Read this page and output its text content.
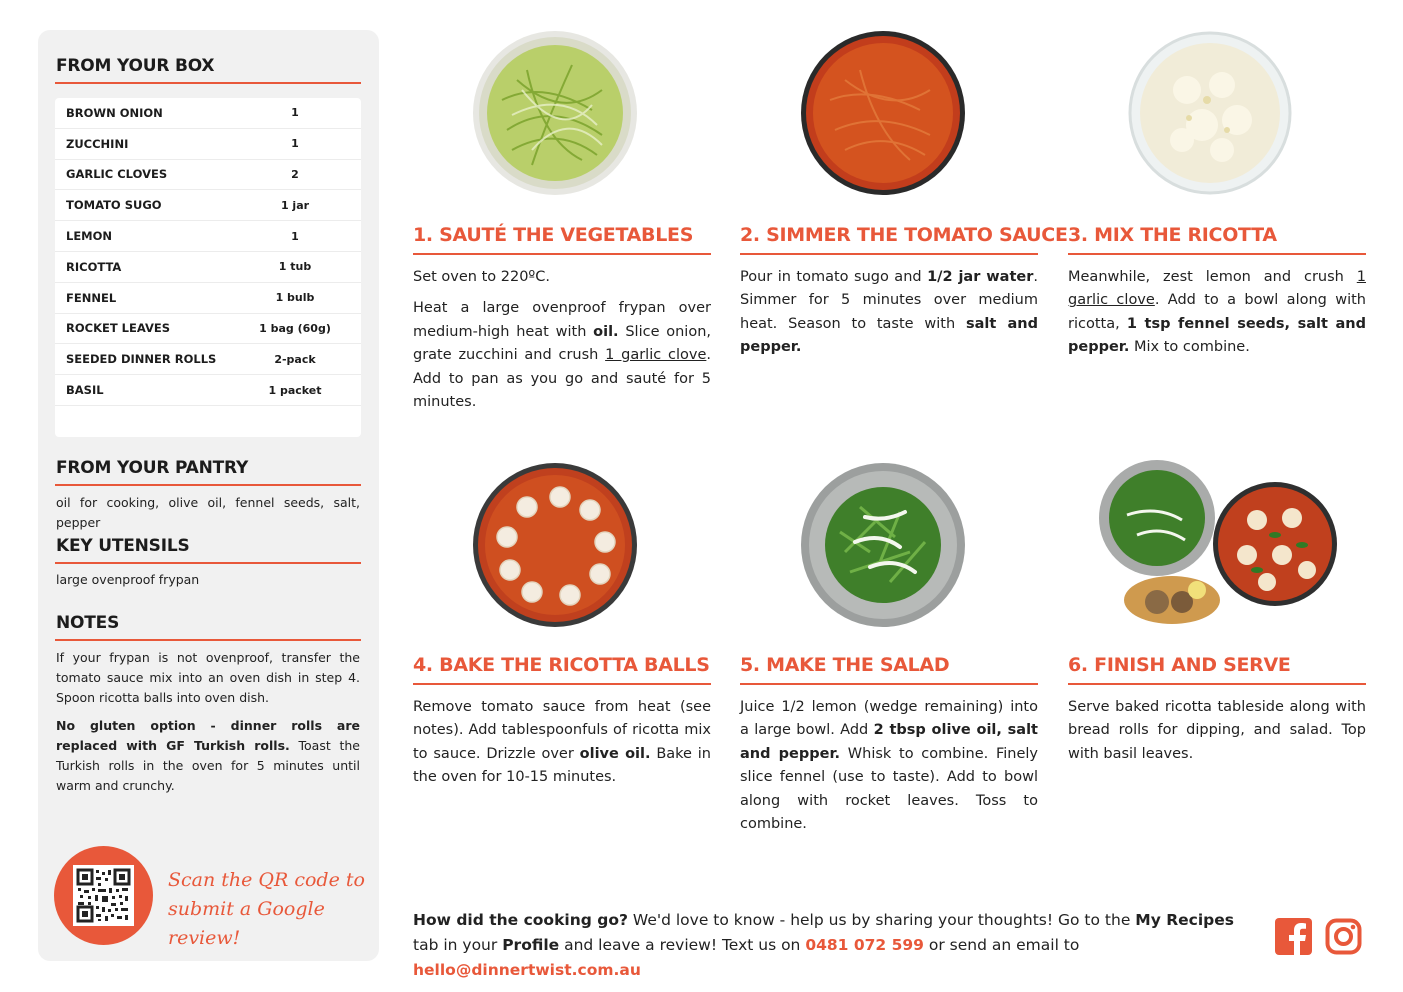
FROM YOUR BOX
BROWN ONION	1
ZUCCHINI	1
GARLIC CLOVES	2
TOMATO SUGO	1 jar
LEMON	1
RICOTTA	1 tub
FENNEL	1 bulb
ROCKET LEAVES	1 bag (60g)
SEEDED DINNER ROLLS	2-pack
BASIL	1 packet
FROM YOUR PANTRY
oil for cooking, olive oil, fennel seeds, salt, pepper
KEY UTENSILS
large ovenproof frypan
NOTES
If your frypan is not ovenproof, transfer the tomato sauce mix into an oven dish in step 4. Spoon ricotta balls into oven dish.
No gluten option - dinner rolls are replaced with GF Turkish rolls. Toast the Turkish rolls in the oven for 5 minutes until warm and crunchy.
Scan the QR code to
submit a Google review!
1. SAUTÉ THE VEGETABLES

Set oven to 220ºC.

Heat a large ovenproof frypan over medium-high heat with oil. Slice onion, grate zucchini and crush 1 garlic clove. Add to pan as you go and sauté for 5 minutes.

2. SIMMER THE TOMATO SAUCE

Pour in tomato sugo and 1/2 jar water. Simmer for 5 minutes over medium heat. Season to taste with salt and pepper.

3. MIX THE RICOTTA

Meanwhile, zest lemon and crush 1 garlic clove. Add to a bowl along with ricotta, 1 tsp fennel seeds, salt and pepper. Mix to combine.

4. BAKE THE RICOTTA BALLS

Remove tomato sauce from heat (see notes). Add tablespoonfuls of ricotta mix to sauce. Drizzle over olive oil. Bake in the oven for 10-15 minutes.

5. MAKE THE SALAD

Juice 1/2 lemon (wedge remaining) into a large bowl. Add 2 tbsp olive oil, salt and pepper. Whisk to combine. Finely slice fennel (use to taste). Add to bowl along with rocket leaves. Toss to combine.

6. FINISH AND SERVE

Serve baked ricotta tableside along with bread rolls for dipping, and salad. Top with basil leaves.

How did the cooking go? We'd love to know - help us by sharing your thoughts! Go to the My Recipes tab in your Profile and leave a review! Text us on 0481 072 599 or send an email to hello@dinnertwist.com.au
